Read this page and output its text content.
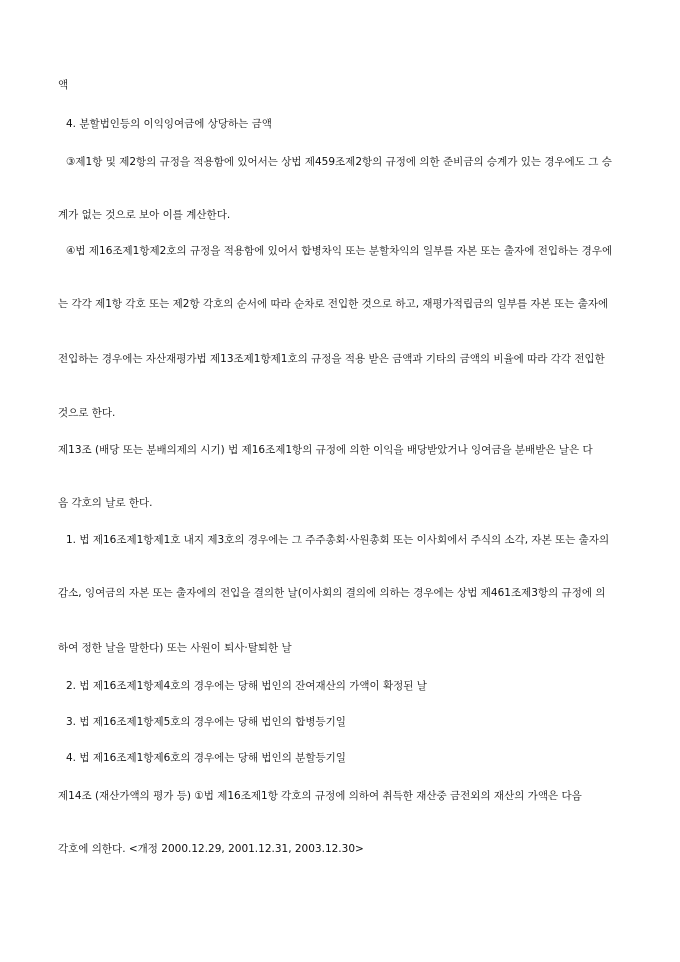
액
4. 분할법인등의 이익잉여금에 상당하는 금액
③제1항 및 제2항의 규정을 적용함에 있어서는 상법 제459조제2항의 규정에 의한 준비금의 승계가 있는 경우에도 그 승
계가 없는 것으로 보아 이를 계산한다.
④법 제16조제1항제2호의 규정을 적용함에 있어서 합병차익 또는 분할차익의 일부를 자본 또는 출자에 전입하는 경우에
는 각각 제1항 각호 또는 제2항 각호의 순서에 따라 순차로 전입한 것으로 하고, 재평가적립금의 일부를 자본 또는 출자에
전입하는 경우에는 자산재평가법 제13조제1항제1호의 규정을 적용 받은 금액과 기타의 금액의 비율에 따라 각각 전입한
것으로 한다.
제13조 (배당 또는 분배의제의 시기) 법 제16조제1항의 규정에 의한 이익을 배당받았거나 잉여금을 분배받은 날은 다
음 각호의 날로 한다.
1. 법 제16조제1항제1호 내지 제3호의 경우에는 그 주주총회·사원총회 또는 이사회에서 주식의 소각, 자본 또는 출자의
감소, 잉여금의 자본 또는 출자에의 전입을 결의한 날(이사회의 결의에 의하는 경우에는 상법 제461조제3항의 규정에 의
하여 정한 날을 말한다) 또는 사원이 퇴사·탈퇴한 날
2. 법 제16조제1항제4호의 경우에는 당해 법인의 잔여재산의 가액이 확정된 날
3. 법 제16조제1항제5호의 경우에는 당해 법인의 합병등기일
4. 법 제16조제1항제6호의 경우에는 당해 법인의 분할등기일
제14조 (재산가액의 평가 등) ①법 제16조제1항 각호의 규정에 의하여 취득한 재산중 금전외의 재산의 가액은 다음
각호에 의한다. <개정 2000.12.29, 2001.12.31, 2003.12.30>
